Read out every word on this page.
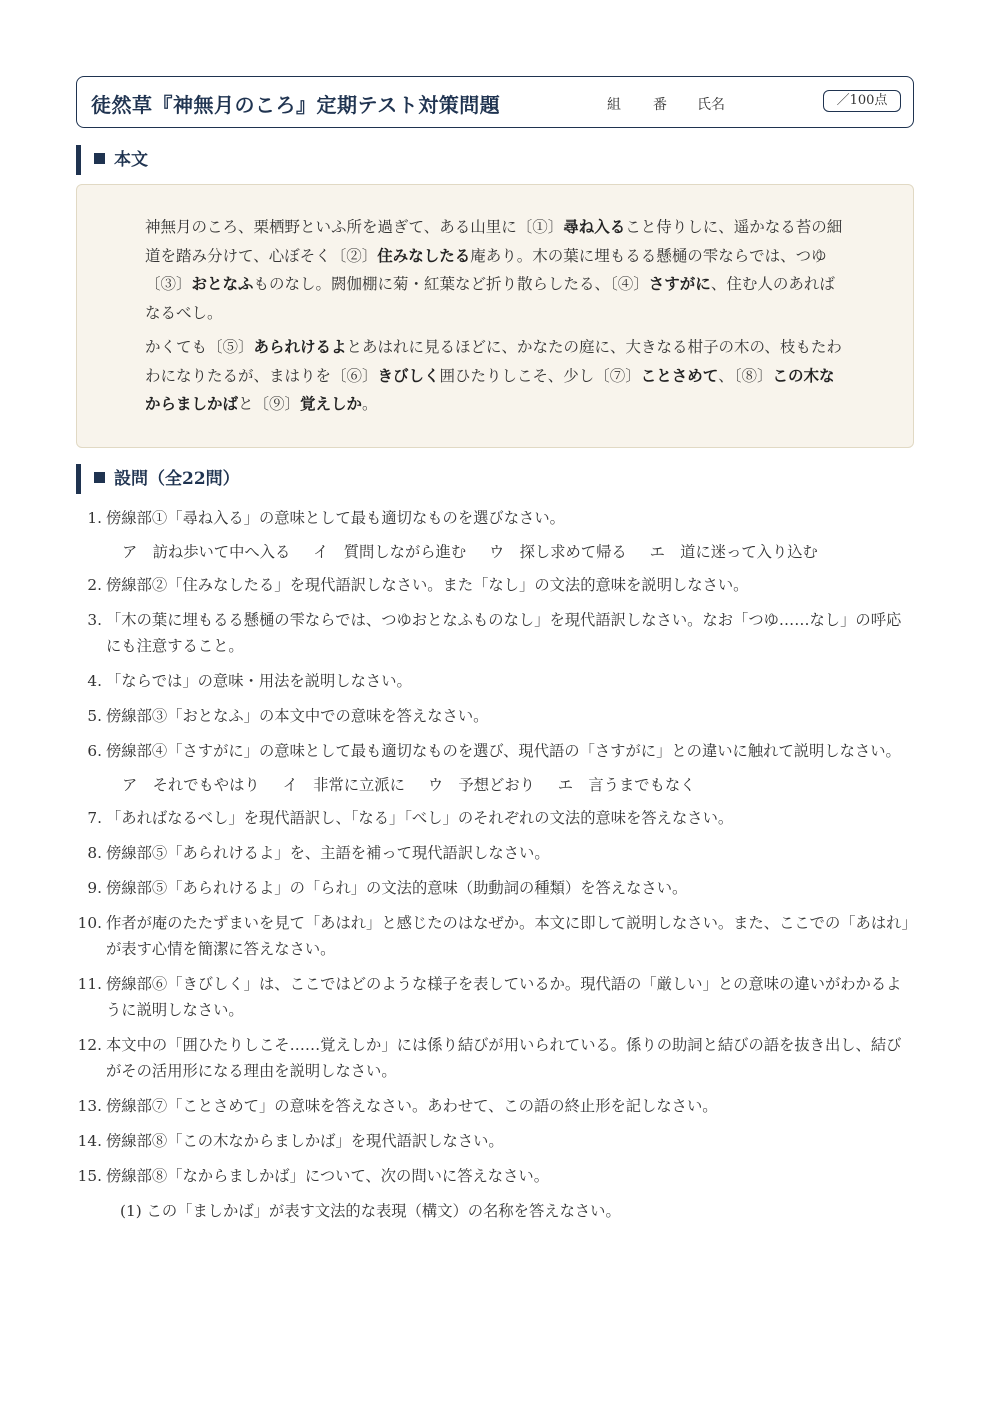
徒然草『神無月のころ』定期テスト対策問題	組 番 氏名	／100点
本文

神無月のころ、栗栖野といふ所を過ぎて、ある山里に〔①〕尋ね入ること侍りしに、遥かなる苔の細道を踏み分けて、心ぼそく〔②〕住みなしたる庵あり。木の葉に埋もるる懸樋の雫ならでは、つゆ〔③〕おとなふものなし。閼伽棚に菊・紅葉など折り散らしたる、〔④〕さすがに、住む人のあればなるべし。

かくても〔⑤〕あられけるよとあはれに見るほどに、かなたの庭に、大きなる柑子の木の、枝もたわわになりたるが、まはりを〔⑥〕きびしく囲ひたりしこそ、少し〔⑦〕ことさめて、〔⑧〕この木なからましかばと〔⑨〕覚えしか。

設問（全22問）
1. 傍線部①「尋ね入る」の意味として最も適切なものを選びなさい。
ア　訪ね歩いて中へ入る イ　質問しながら進む ウ　探し求めて帰る エ　道に迷って入り込む
2. 傍線部②「住みなしたる」を現代語訳しなさい。また「なし」の文法的意味を説明しなさい。
3. 「木の葉に埋もるる懸樋の雫ならでは、つゆおとなふものなし」を現代語訳しなさい。なお「つゆ……なし」の呼応にも注意すること。
4. 「ならでは」の意味・用法を説明しなさい。
5. 傍線部③「おとなふ」の本文中での意味を答えなさい。
6. 傍線部④「さすがに」の意味として最も適切なものを選び、現代語の「さすがに」との違いに触れて説明しなさい。
ア　それでもやはり イ　非常に立派に ウ　予想どおり エ　言うまでもなく
7. 「あればなるべし」を現代語訳し、「なる」「べし」のそれぞれの文法的意味を答えなさい。
8. 傍線部⑤「あられけるよ」を、主語を補って現代語訳しなさい。
9. 傍線部⑤「あられけるよ」の「られ」の文法的意味（助動詞の種類）を答えなさい。
10. 作者が庵のたたずまいを見て「あはれ」と感じたのはなぜか。本文に即して説明しなさい。また、ここでの「あはれ」が表す心情を簡潔に答えなさい。
11. 傍線部⑥「きびしく」は、ここではどのような様子を表しているか。現代語の「厳しい」との意味の違いがわかるように説明しなさい。
12. 本文中の「囲ひたりしこそ……覚えしか」には係り結びが用いられている。係りの助詞と結びの語を抜き出し、結びがその活用形になる理由を説明しなさい。
13. 傍線部⑦「ことさめて」の意味を答えなさい。あわせて、この語の終止形を記しなさい。
14. 傍線部⑧「この木なからましかば」を現代語訳しなさい。
15. 傍線部⑧「なからましかば」について、次の問いに答えなさい。
(1) この「ましかば」が表す文法的な表現（構文）の名称を答えなさい。
